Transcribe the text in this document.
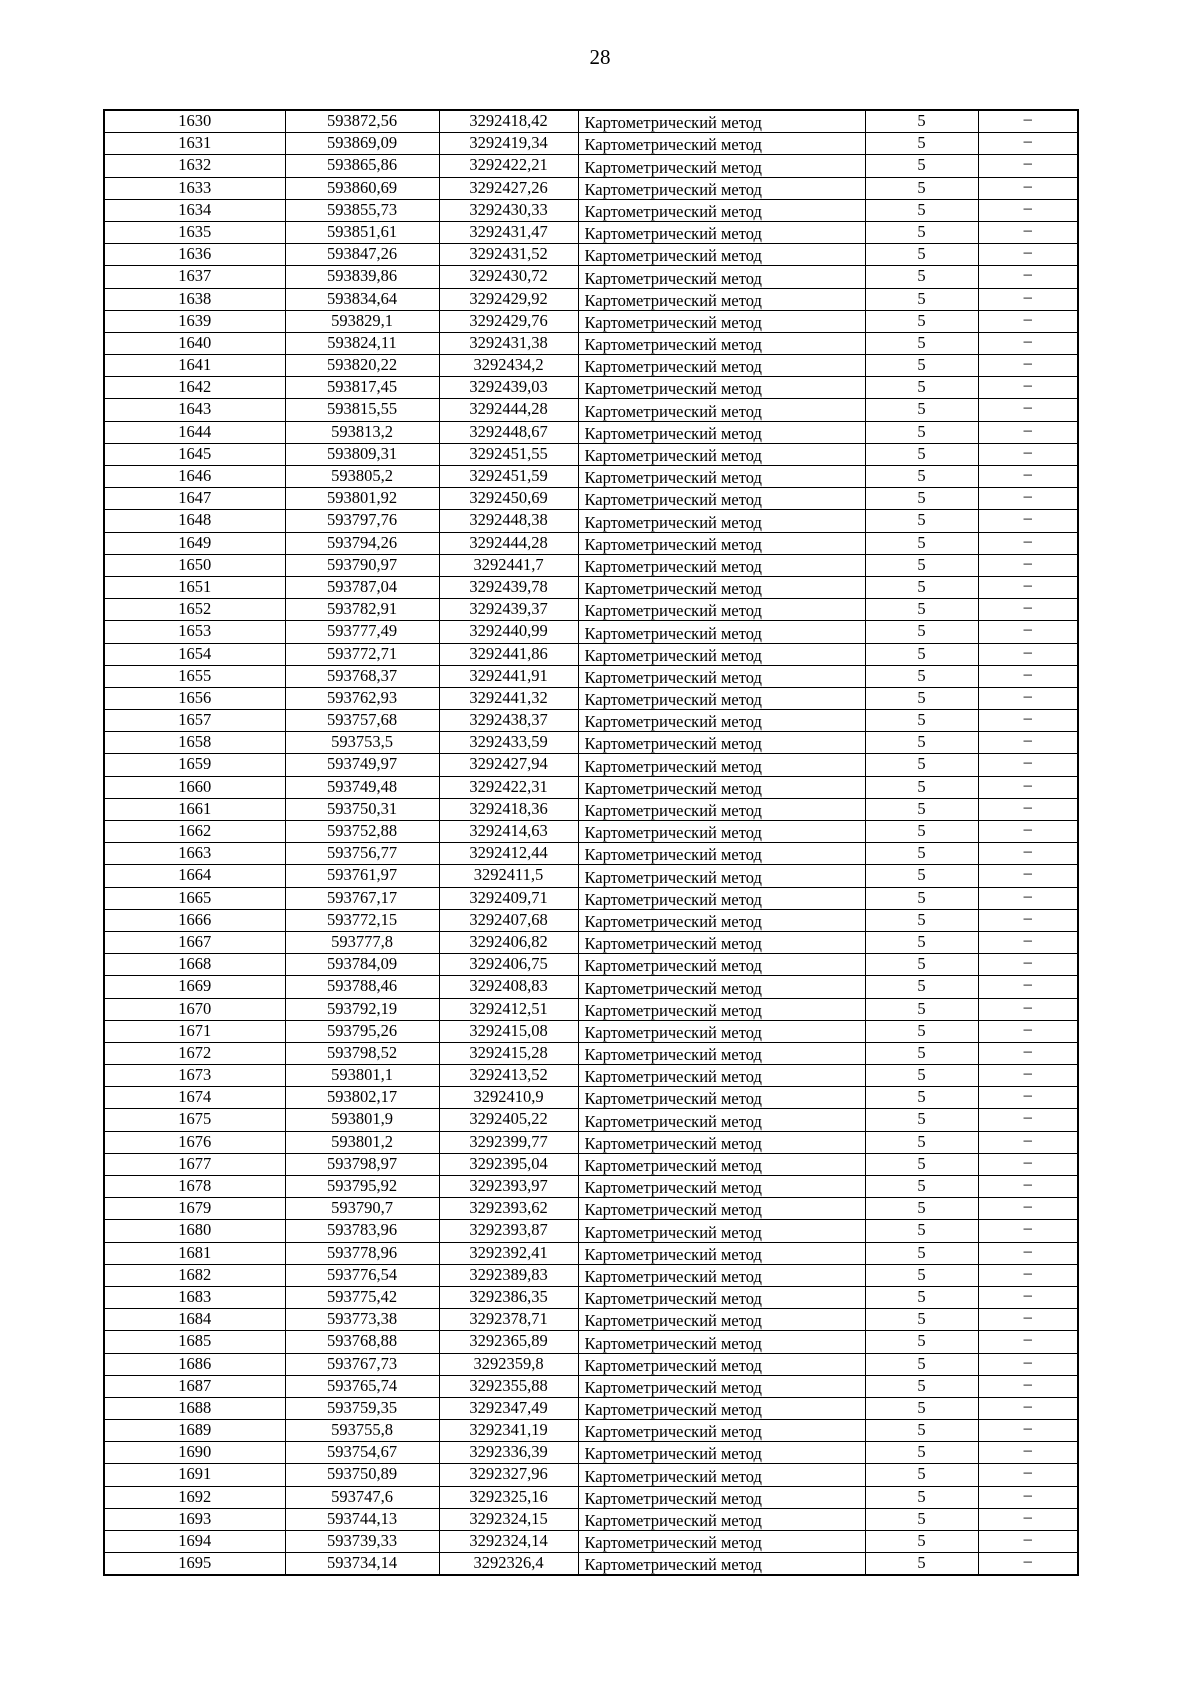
28
1630	593872,56	3292418,42	Картометрический метод	5	–
1631	593869,09	3292419,34	Картометрический метод	5	–
1632	593865,86	3292422,21	Картометрический метод	5	–
1633	593860,69	3292427,26	Картометрический метод	5	–
1634	593855,73	3292430,33	Картометрический метод	5	–
1635	593851,61	3292431,47	Картометрический метод	5	–
1636	593847,26	3292431,52	Картометрический метод	5	–
1637	593839,86	3292430,72	Картометрический метод	5	–
1638	593834,64	3292429,92	Картометрический метод	5	–
1639	593829,1	3292429,76	Картометрический метод	5	–
1640	593824,11	3292431,38	Картометрический метод	5	–
1641	593820,22	3292434,2	Картометрический метод	5	–
1642	593817,45	3292439,03	Картометрический метод	5	–
1643	593815,55	3292444,28	Картометрический метод	5	–
1644	593813,2	3292448,67	Картометрический метод	5	–
1645	593809,31	3292451,55	Картометрический метод	5	–
1646	593805,2	3292451,59	Картометрический метод	5	–
1647	593801,92	3292450,69	Картометрический метод	5	–
1648	593797,76	3292448,38	Картометрический метод	5	–
1649	593794,26	3292444,28	Картометрический метод	5	–
1650	593790,97	3292441,7	Картометрический метод	5	–
1651	593787,04	3292439,78	Картометрический метод	5	–
1652	593782,91	3292439,37	Картометрический метод	5	–
1653	593777,49	3292440,99	Картометрический метод	5	–
1654	593772,71	3292441,86	Картометрический метод	5	–
1655	593768,37	3292441,91	Картометрический метод	5	–
1656	593762,93	3292441,32	Картометрический метод	5	–
1657	593757,68	3292438,37	Картометрический метод	5	–
1658	593753,5	3292433,59	Картометрический метод	5	–
1659	593749,97	3292427,94	Картометрический метод	5	–
1660	593749,48	3292422,31	Картометрический метод	5	–
1661	593750,31	3292418,36	Картометрический метод	5	–
1662	593752,88	3292414,63	Картометрический метод	5	–
1663	593756,77	3292412,44	Картометрический метод	5	–
1664	593761,97	3292411,5	Картометрический метод	5	–
1665	593767,17	3292409,71	Картометрический метод	5	–
1666	593772,15	3292407,68	Картометрический метод	5	–
1667	593777,8	3292406,82	Картометрический метод	5	–
1668	593784,09	3292406,75	Картометрический метод	5	–
1669	593788,46	3292408,83	Картометрический метод	5	–
1670	593792,19	3292412,51	Картометрический метод	5	–
1671	593795,26	3292415,08	Картометрический метод	5	–
1672	593798,52	3292415,28	Картометрический метод	5	–
1673	593801,1	3292413,52	Картометрический метод	5	–
1674	593802,17	3292410,9	Картометрический метод	5	–
1675	593801,9	3292405,22	Картометрический метод	5	–
1676	593801,2	3292399,77	Картометрический метод	5	–
1677	593798,97	3292395,04	Картометрический метод	5	–
1678	593795,92	3292393,97	Картометрический метод	5	–
1679	593790,7	3292393,62	Картометрический метод	5	–
1680	593783,96	3292393,87	Картометрический метод	5	–
1681	593778,96	3292392,41	Картометрический метод	5	–
1682	593776,54	3292389,83	Картометрический метод	5	–
1683	593775,42	3292386,35	Картометрический метод	5	–
1684	593773,38	3292378,71	Картометрический метод	5	–
1685	593768,88	3292365,89	Картометрический метод	5	–
1686	593767,73	3292359,8	Картометрический метод	5	–
1687	593765,74	3292355,88	Картометрический метод	5	–
1688	593759,35	3292347,49	Картометрический метод	5	–
1689	593755,8	3292341,19	Картометрический метод	5	–
1690	593754,67	3292336,39	Картометрический метод	5	–
1691	593750,89	3292327,96	Картометрический метод	5	–
1692	593747,6	3292325,16	Картометрический метод	5	–
1693	593744,13	3292324,15	Картометрический метод	5	–
1694	593739,33	3292324,14	Картометрический метод	5	–
1695	593734,14	3292326,4	Картометрический метод	5	–
